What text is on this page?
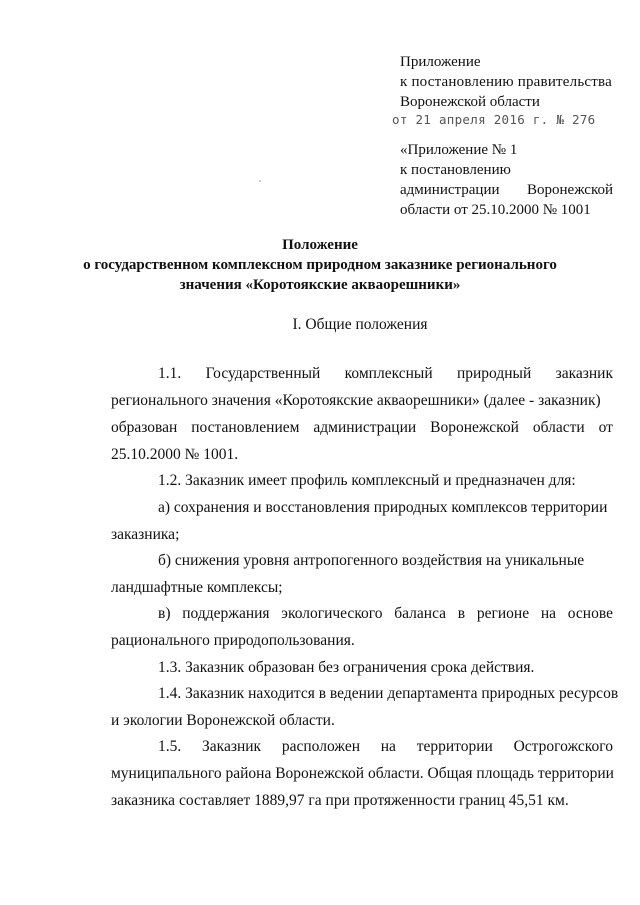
Приложение
к постановлению правительства
Воронежской области
от 21 апреля 2016 г. № 276
«Приложение № 1
к постановлению
администрации Воронежской
области от 25.10.2000 № 1001
Положение
о государственном комплексном природном заказнике регионального
значения «Коротоякские акваорешники»
I. Общие положения
1.1. Государственный комплексный природный заказник
регионального значения «Коротоякские акваорешники» (далее - заказник)
образован постановлением администрации Воронежской области от
25.10.2000 № 1001.
1.2. Заказник имеет профиль комплексный и предназначен для:
а) сохранения и восстановления природных комплексов территории
заказника;
б) снижения уровня антропогенного воздействия на уникальные
ландшафтные комплексы;
в) поддержания экологического баланса в регионе на основе
рационального природопользования.
1.3. Заказник образован без ограничения срока действия.
1.4. Заказник находится в ведении департамента природных ресурсов
и экологии Воронежской области.
1.5. Заказник расположен на территории Острогожского
муниципального района Воронежской области. Общая площадь территории
заказника составляет 1889,97 га при протяженности границ 45,51 км.
